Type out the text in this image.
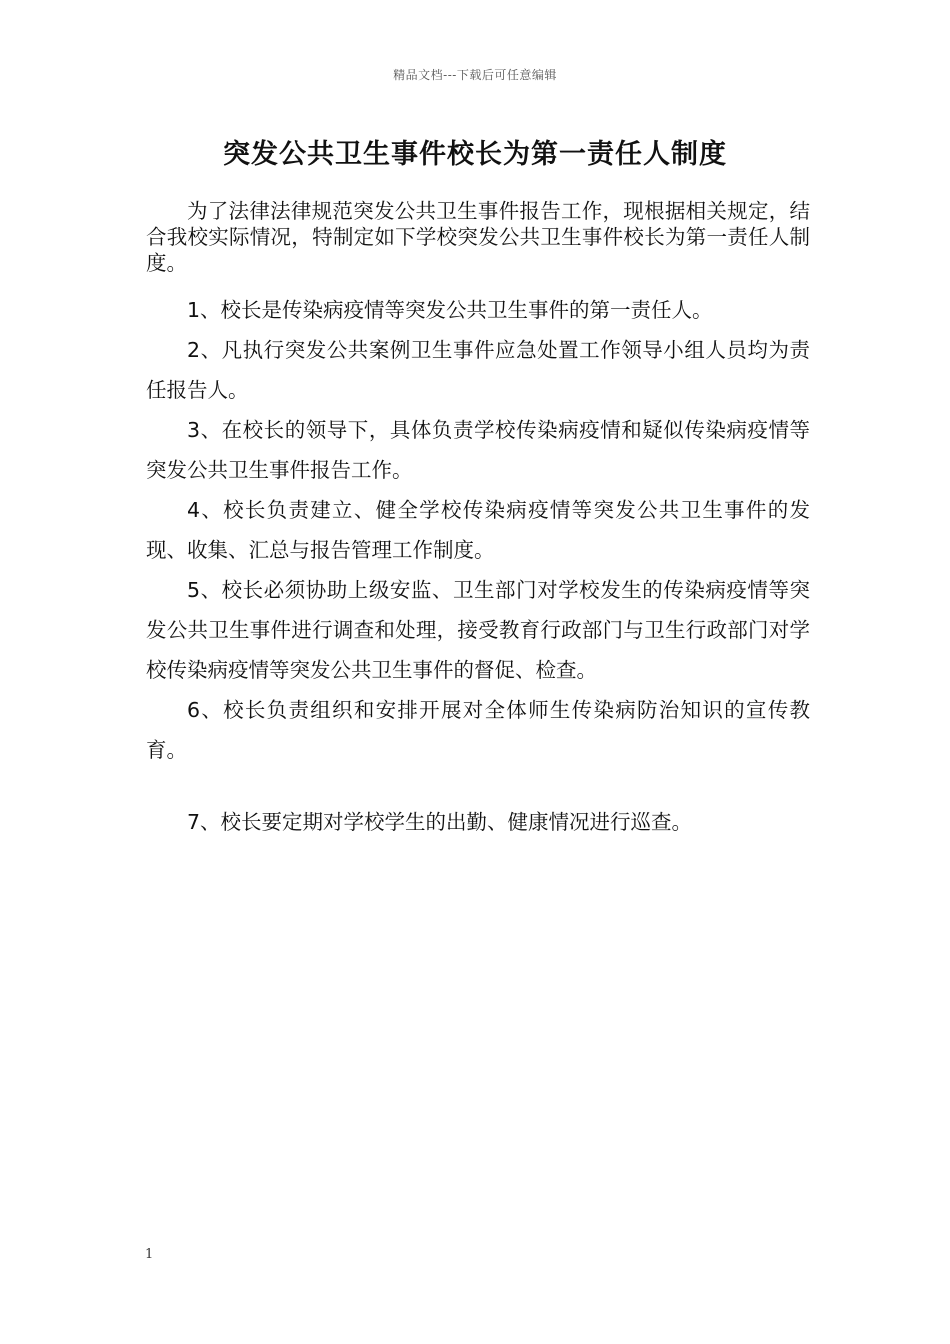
精品文档---下载后可任意编辑
突发公共卫生事件校长为第一责任人制度

为了法律法律规范突发公共卫生事件报告工作，现根据相关规定，结合我校实际情况，特制定如下学校突发公共卫生事件校长为第一责任人制度。

1、校长是传染病疫情等突发公共卫生事件的第一责任人。

2、凡执行突发公共案例卫生事件应急处置工作领导小组人员均为责任报告人。

3、在校长的领导下，具体负责学校传染病疫情和疑似传染病疫情等突发公共卫生事件报告工作。

4、校长负责建立、健全学校传染病疫情等突发公共卫生事件的发现、收集、汇总与报告管理工作制度。

5、校长必须协助上级安监、卫生部门对学校发生的传染病疫情等突发公共卫生事件进行调查和处理，接受教育行政部门与卫生行政部门对学校传染病疫情等突发公共卫生事件的督促、检查。

6、校长负责组织和安排开展对全体师生传染病防治知识的宣传教育。

7、校长要定期对学校学生的出勤、健康情况进行巡查。

1
